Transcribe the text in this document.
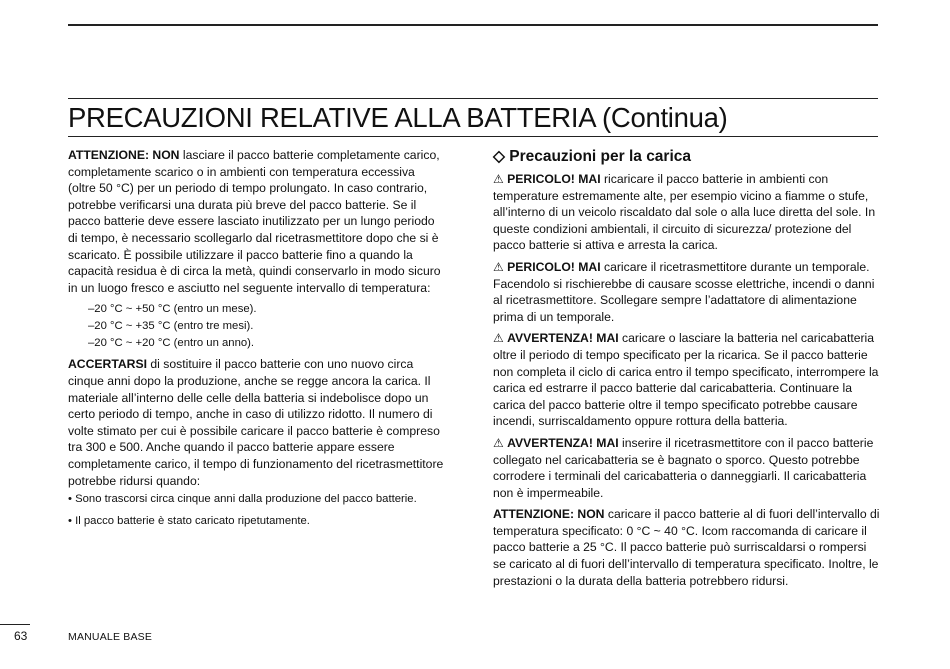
PRECAUZIONI RELATIVE ALLA BATTERIA (Continua)

ATTENZIONE: NON lasciare il pacco batterie completamente carico, completamente scarico o in ambienti con temperatura eccessiva (oltre 50 °C) per un periodo di tempo prolungato. In caso contrario, potrebbe verificarsi una durata più breve del pacco batterie. Se il pacco batterie deve essere lasciato inutilizzato per un lungo periodo di tempo, è necessario scollegarlo dal ricetrasmettitore dopo che si è scaricato. È possibile utilizzare il pacco batterie fino a quando la capacità residua è di circa la metà, quindi conservarlo in modo sicuro in un luogo fresco e asciutto nel seguente intervallo di temperatura:

–20 °C ~ +50 °C (entro un mese).
–20 °C ~ +35 °C (entro tre mesi).
–20 °C ~ +20 °C (entro un anno).

ACCERTARSI di sostituire il pacco batterie con uno nuovo circa cinque anni dopo la produzione, anche se regge ancora la carica. Il materiale all’interno delle celle della batteria si indebolisce dopo un certo periodo di tempo, anche in caso di utilizzo ridotto. Il numero di volte stimato per cui è possibile caricare il pacco batterie è compreso tra 300 e 500. Anche quando il pacco batterie appare essere completamente carico, il tempo di funzionamento del ricetrasmettitore potrebbe ridursi quando:

• Sono trascorsi circa cinque anni dalla produzione del pacco batterie.

• Il pacco batterie è stato caricato ripetutamente.

◇ Precauzioni per la carica

⚠ PERICOLO! MAI ricaricare il pacco batterie in ambienti con temperature estremamente alte, per esempio vicino a fiamme o stufe, all’interno di un veicolo riscaldato dal sole o alla luce diretta del sole. In queste condizioni ambientali, il circuito di sicurezza/ protezione del pacco batterie si attiva e arresta la carica.

⚠ PERICOLO! MAI caricare il ricetrasmettitore durante un temporale. Facendolo si rischierebbe di causare scosse elettriche, incendi o danni al ricetrasmettitore. Scollegare sempre l’adattatore di alimentazione prima di un temporale.

⚠ AVVERTENZA! MAI caricare o lasciare la batteria nel caricabatteria oltre il periodo di tempo specificato per la ricarica. Se il pacco batterie non completa il ciclo di carica entro il tempo specificato, interrompere la carica ed estrarre il pacco batterie dal caricabatteria. Continuare la carica del pacco batterie oltre il tempo specificato potrebbe causare incendi, surriscaldamento oppure rottura della batteria.

⚠ AVVERTENZA! MAI inserire il ricetrasmettitore con il pacco batterie collegato nel caricabatteria se è bagnato o sporco. Questo potrebbe corrodere i terminali del caricabatteria o danneggiarli. Il caricabatteria non è impermeabile.

ATTENZIONE: NON caricare il pacco batterie al di fuori dell’intervallo di temperatura specificato: 0 °C ~ 40 °C. Icom raccomanda di caricare il pacco batterie a 25 °C. Il pacco batterie può surriscaldarsi o rompersi se caricato al di fuori dell’intervallo di temperatura specificato. Inoltre, le prestazioni o la durata della batteria potrebbero ridursi.

63	MANUALE BASE
